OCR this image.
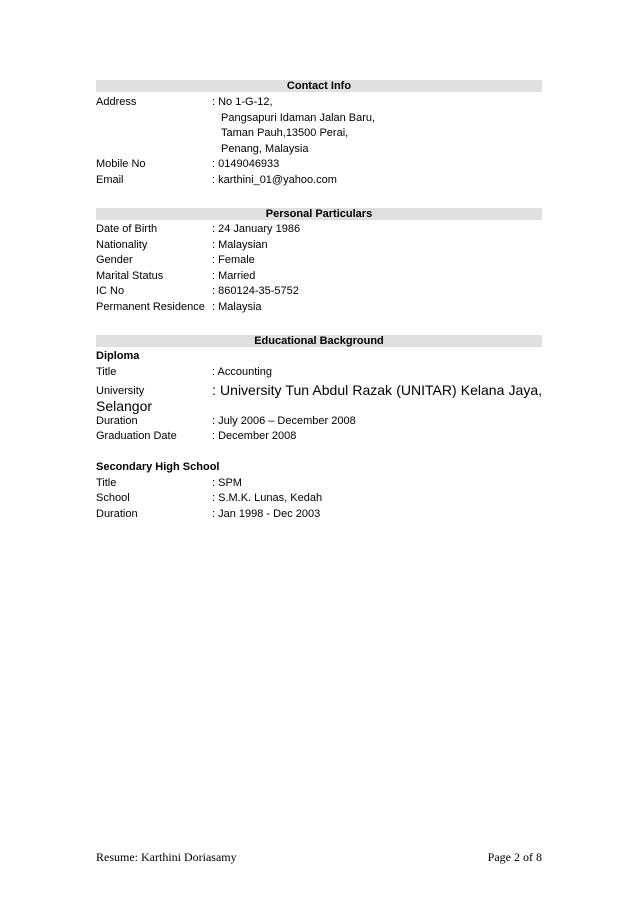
Contact Info
Address	: No 1-G-12,
Pangsapuri Idaman Jalan Baru,
Taman Pauh,13500 Perai,
Penang, Malaysia
Mobile No	: 0149046933
Email	: karthini_01@yahoo.com
Personal Particulars
Date of Birth	: 24 January 1986
Nationality	: Malaysian
Gender	: Female
Marital Status	: Married
IC No	: 860124-35-5752
Permanent Residence : Malaysia
Educational Background
Diploma
Title	: Accounting
University	: University Tun Abdul Razak (UNITAR) Kelana Jaya,
Selangor
Duration	: July 2006 – December 2008
Graduation Date	: December 2008
Secondary High School
Title	: SPM
School	: S.M.K. Lunas, Kedah
Duration	: Jan 1998 - Dec 2003
Resume: Karthini Doriasamy	Page 2 of 8
